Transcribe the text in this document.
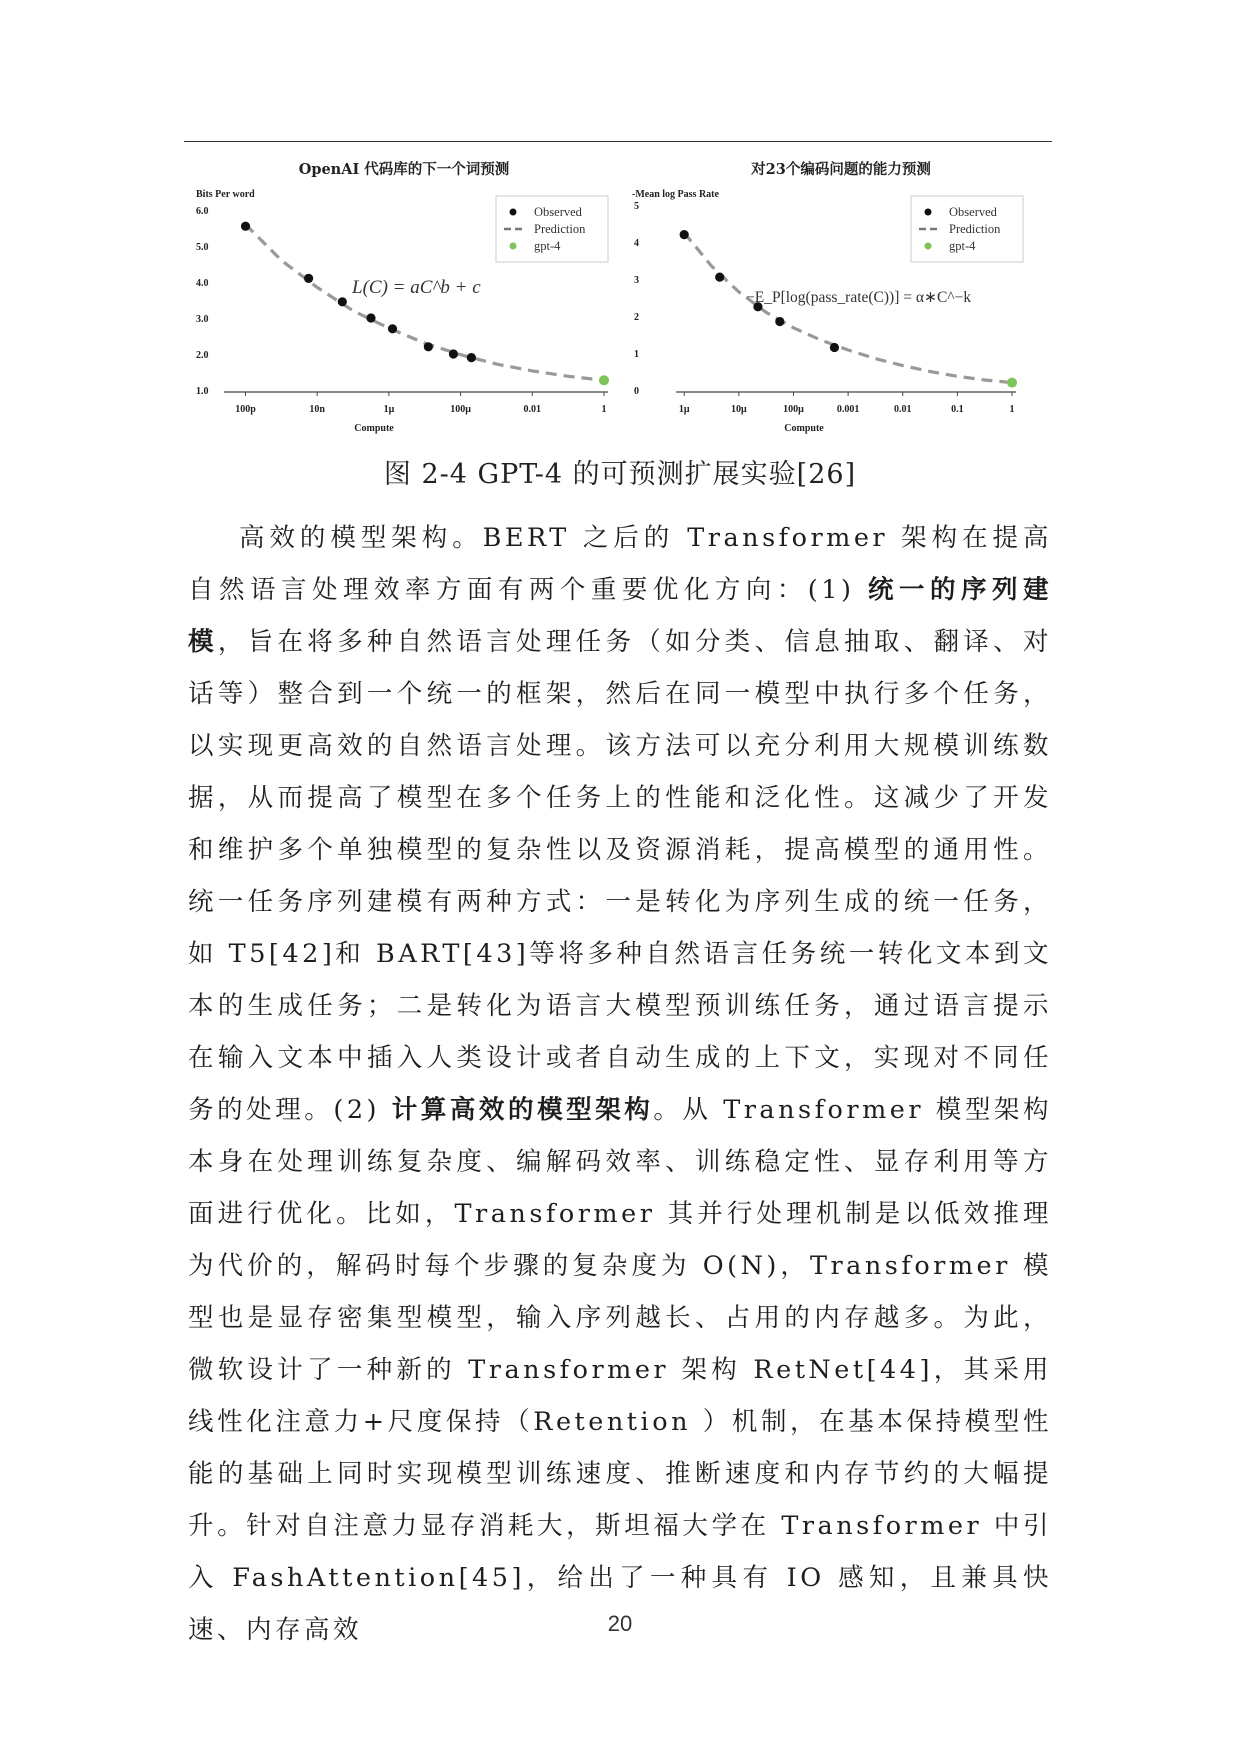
OpenAI 代码库的下一个词预测
Bits Per word
Compute
6.0
5.0
4.0
3.0
2.0
1.0
100p	10n	1μ	100μ	0.01	1
L(C) = aC^b + c
Observed
Prediction
gpt-4
对23个编码问题的能力预测
-Mean log Pass Rate
Compute
5
4
3
2
1
0
1μ	10μ	100μ	0.001	0.01	0.1	1
−E_P[log(pass_rate(C))] = α∗C^−k
Observed
Prediction
gpt-4
图 2-4 GPT-4 的可预测扩展实验[26]

高效的模型架构。BERT 之后的 Transformer 架构在提高自然语言处理效率方面有两个重要优化方向：(1) 统一的序列建模，旨在将多种自然语言处理任务（如分类、信息抽取、翻译、对话等）整合到一个统一的框架，然后在同一模型中执行多个任务，以实现更高效的自然语言处理。该方法可以充分利用大规模训练数据，从而提高了模型在多个任务上的性能和泛化性。这减少了开发和维护多个单独模型的复杂性以及资源消耗，提高模型的通用性。统一任务序列建模有两种方式：一是转化为序列生成的统一任务，如 T5[42]和 BART[43]等将多种自然语言任务统一转化文本到文本的生成任务；二是转化为语言大模型预训练任务，通过语言提示在输入文本中插入人类设计或者自动生成的上下文，实现对不同任务的处理。(2) 计算高效的模型架构。从 Transformer 模型架构本身在处理训练复杂度、编解码效率、训练稳定性、显存利用等方面进行优化。比如，Transformer 其并行处理机制是以低效推理为代价的，解码时每个步骤的复杂度为 O(N)，Transformer 模型也是显存密集型模型，输入序列越长、占用的内存越多。为此，微软设计了一种新的 Transformer 架构 RetNet[44]，其采用线性化注意力+尺度保持（Retention ）机制，在基本保持模型性能的基础上同时实现模型训练速度、推断速度和内存节约的大幅提升。针对自注意力显存消耗大，斯坦福大学在 Transformer 中引入 FashAttention[45]，给出了一种具有 IO 感知，且兼具快速、内存高效	20
